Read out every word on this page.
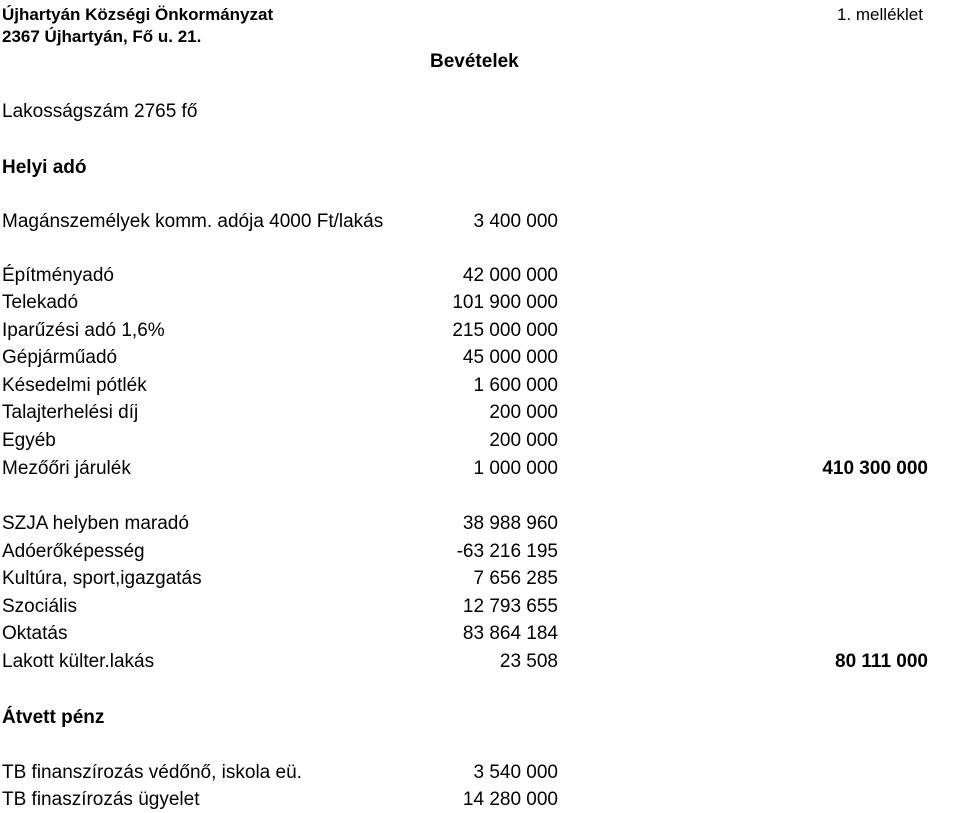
Újhartyán Községi Önkormányzat
2367 Újhartyán, Fő u. 21.
1. melléklet
Bevételek
Lakosságszám 2765 fő
Helyi adó
Magánszemélyek komm. adója 4000 Ft/lakás	3 400 000
Építményadó	42 000 000
Telekadó	101 900 000
Iparűzési adó 1,6%	215 000 000
Gépjárműadó	45 000 000
Késedelmi pótlék	1 600 000
Talajterhelési díj	200 000
Egyéb	200 000
Mezőőri járulék	1 000 000	410 300 000
SZJA helyben maradó	38 988 960
Adóerőképesség	-63 216 195
Kultúra, sport,igazgatás	7 656 285
Szociális	12 793 655
Oktatás	83 864 184
Lakott külter.lakás	23 508	80 111 000
Átvett pénz
TB finanszírozás védőnő, iskola eü.	3 540 000
TB finaszírozás ügyelet	14 280 000
